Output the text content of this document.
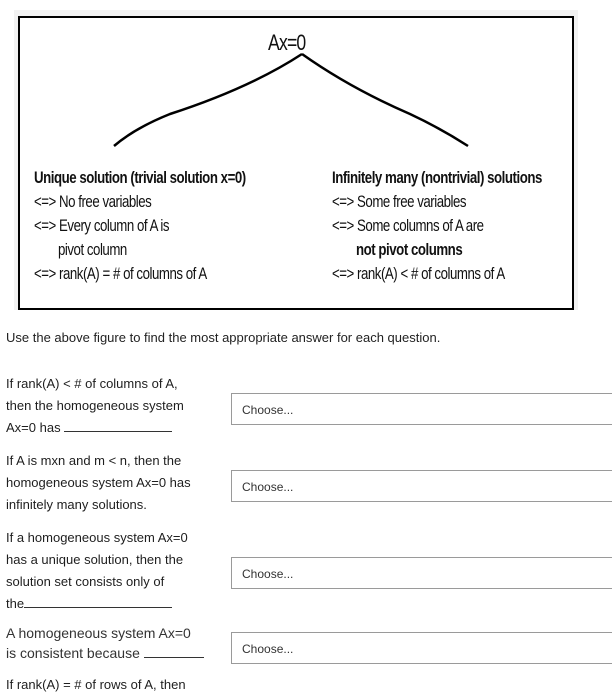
Ax=0
Unique solution (trivial solution x=0)
<=> No free variables
<=> Every column of A is
pivot column
<=> rank(A) = # of columns of A
Infinitely many (nontrivial) solutions
<=> Some free variables
<=> Some columns of A are
not pivot columns
<=> rank(A) < # of columns of A
Use the above figure to find the most appropriate answer for each question.
If rank(A) < # of columns of A,
then the homogeneous system
Ax=0 has
Choose...
If A is mxn and m < n, then the
homogeneous system Ax=0 has
infinitely many solutions.
Choose...
If a homogeneous system Ax=0
has a unique solution, then the
solution set consists only of
the
Choose...
A homogeneous system Ax=0
is consistent because	Choose...
If rank(A) = # of rows of A, then
